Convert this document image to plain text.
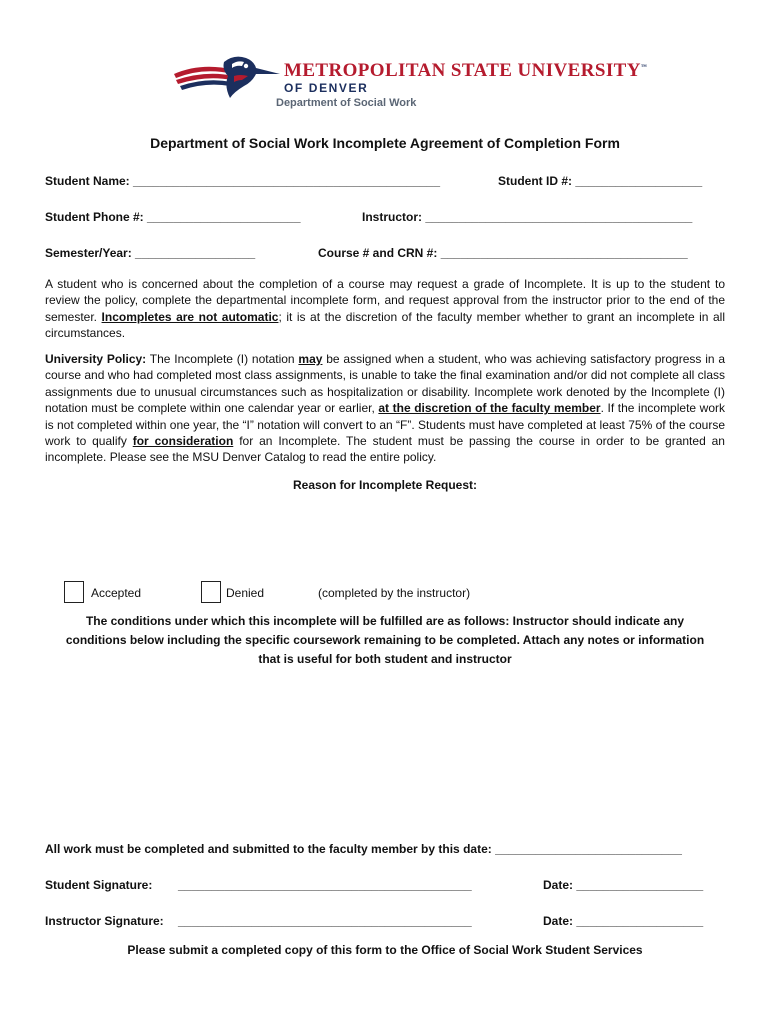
METROPOLITAN STATE UNIVERSITY™
OF DENVER
Department of Social Work
Department of Social Work Incomplete Agreement of Completion Form
Student Name: ______________________________________________	Student ID #: ___________________
Student Phone #: _______________________	Instructor: ________________________________________
Semester/Year: __________________	Course # and CRN #: _____________________________________
A student who is concerned about the completion of a course may request a grade of Incomplete. It is up to the student to review the policy, complete the departmental incomplete form, and request approval from the instructor prior to the end of the semester. Incompletes are not automatic; it is at the discretion of the faculty member whether to grant an incomplete in all circumstances.
University Policy: The Incomplete (I) notation may be assigned when a student, who was achieving satisfactory progress in a course and who had completed most class assignments, is unable to take the final examination and/or did not complete all class assignments due to unusual circumstances such as hospitalization or disability. Incomplete work denoted by the Incomplete (I) notation must be complete within one calendar year or earlier, at the discretion of the faculty member. If the incomplete work is not completed within one year, the “I” notation will convert to an “F”. Students must have completed at least 75% of the course work to qualify for consideration for an Incomplete. The student must be passing the course in order to be granted an incomplete. Please see the MSU Denver Catalog to read the entire policy.
Reason for Incomplete Request:
Accepted	Denied	(completed by the instructor)
The conditions under which this incomplete will be fulfilled are as follows: Instructor should indicate any
conditions below including the specific coursework remaining to be completed. Attach any notes or information
that is useful for both student and instructor
All work must be completed and submitted to the faculty member by this date: ____________________________
Student Signature: ____________________________________________	Date: ___________________
Instructor Signature: ____________________________________________	Date: ___________________
Please submit a completed copy of this form to the Office of Social Work Student Services
